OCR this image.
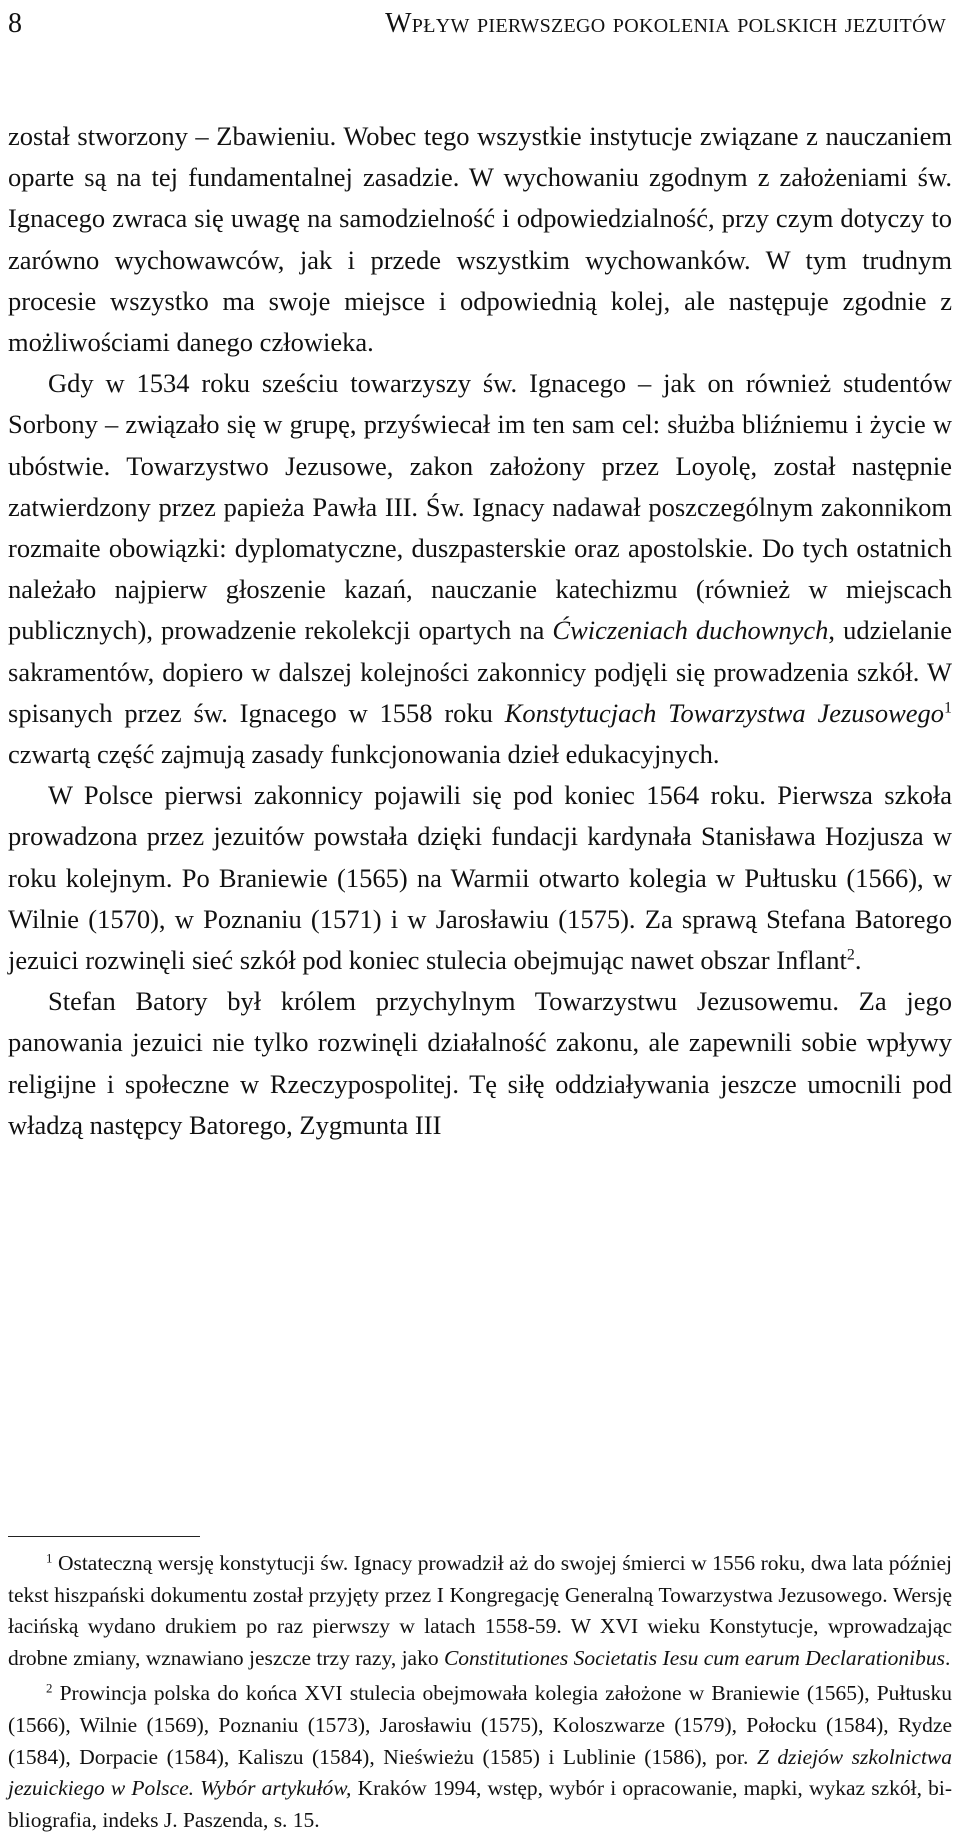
8	Wpływ pierwszego pokolenia polskich jezuitów

został stworzony – Zbawieniu. Wobec tego wszystkie instytucje związane z nauczaniem oparte są na tej fundamentalnej zasadzie. W wychowaniu zgodnym z założeniami św. Ignacego zwraca się uwagę na samodzielność i odpowiedzialność, przy czym dotyczy to zarówno wychowawców, jak i przede wszystkim wychowanków. W tym trudnym procesie wszystko ma swoje miejsce i odpowiednią kolej, ale następuje zgodnie z możliwościami danego człowieka.

Gdy w 1534 roku sześciu towarzyszy św. Ignacego – jak on również studentów Sorbony – związało się w grupę, przyświecał im ten sam cel: służba bliźniemu i życie w ubóstwie. Towarzystwo Jezusowe, zakon założony przez Loyolę, został następnie zatwierdzony przez papieża Pawła III. Św. Ignacy nadawał poszczególnym zakonnikom rozmaite obowiązki: dyplomatyczne, duszpasterskie oraz apostolskie. Do tych ostatnich należało najpierw głoszenie kazań, nauczanie katechizmu (również w miejscach publicznych), prowadzenie rekolekcji opartych na Ćwiczeniach duchownych, udzielanie sakramentów, dopiero w dalszej kolejności zakonnicy podjęli się prowadzenia szkół. W spisanych przez św. Ignacego w 1558 roku Konstytucjach Towarzystwa Jezusowego$^1$ czwartą część zajmują zasady funkcjonowania dzieł edukacyjnych.

W Polsce pierwsi zakonnicy pojawili się pod koniec 1564 roku. Pierwsza szkoła prowadzona przez jezuitów powstała dzięki fundacji kardynała Stanisława Hozjusza w roku kolejnym. Po Braniewie (1565) na Warmii otwarto kolegia w Pułtusku (1566), w Wilnie (1570), w Poznaniu (1571) i w Jarosławiu (1575). Za sprawą Stefana Batorego jezuici rozwinęli sieć szkół pod koniec stulecia obejmując nawet obszar Inflant$^2$.

Stefan Batory był królem przychylnym Towarzystwu Jezusowemu. Za jego panowania jezuici nie tylko rozwinęli działalność zakonu, ale zapewnili sobie wpływy religijne i społeczne w Rzeczypospolitej. Tę siłę oddziaływania jeszcze umocnili pod władzą następcy Batorego, Zygmunta III

$^1$ Ostateczną wersję konstytucji św. Ignacy prowadził aż do swojej śmierci w 1556 roku, dwa lata później tekst hiszpański dokumentu został przyjęty przez I Kongregację Generalną Towarzystwa Jezusowego. Wersję łacińską wydano drukiem po raz pierwszy w latach 1558-59. W XVI wieku Konstytucje, wprowadzając drobne zmiany, wznawiano jeszcze trzy razy, jako Constitutiones Societatis Iesu cum earum Declarationibus.

$^2$ Prowincja polska do końca XVI stulecia obejmowała kolegia założone w Braniewie (1565), Pułtusku (1566), Wilnie (1569), Poznaniu (1573), Jarosławiu (1575), Koloszwarze (1579), Połocku (1584), Rydze (1584), Dorpacie (1584), Kaliszu (1584), Nieświeżu (1585) i Lublinie (1586), por. Z dziejów szkolnictwa jezuickiego w Polsce. Wybór artykułów, Kraków 1994, wstęp, wybór i opracowanie, mapki, wykaz szkół, bibliografia, indeks J. Paszenda, s. 15.
